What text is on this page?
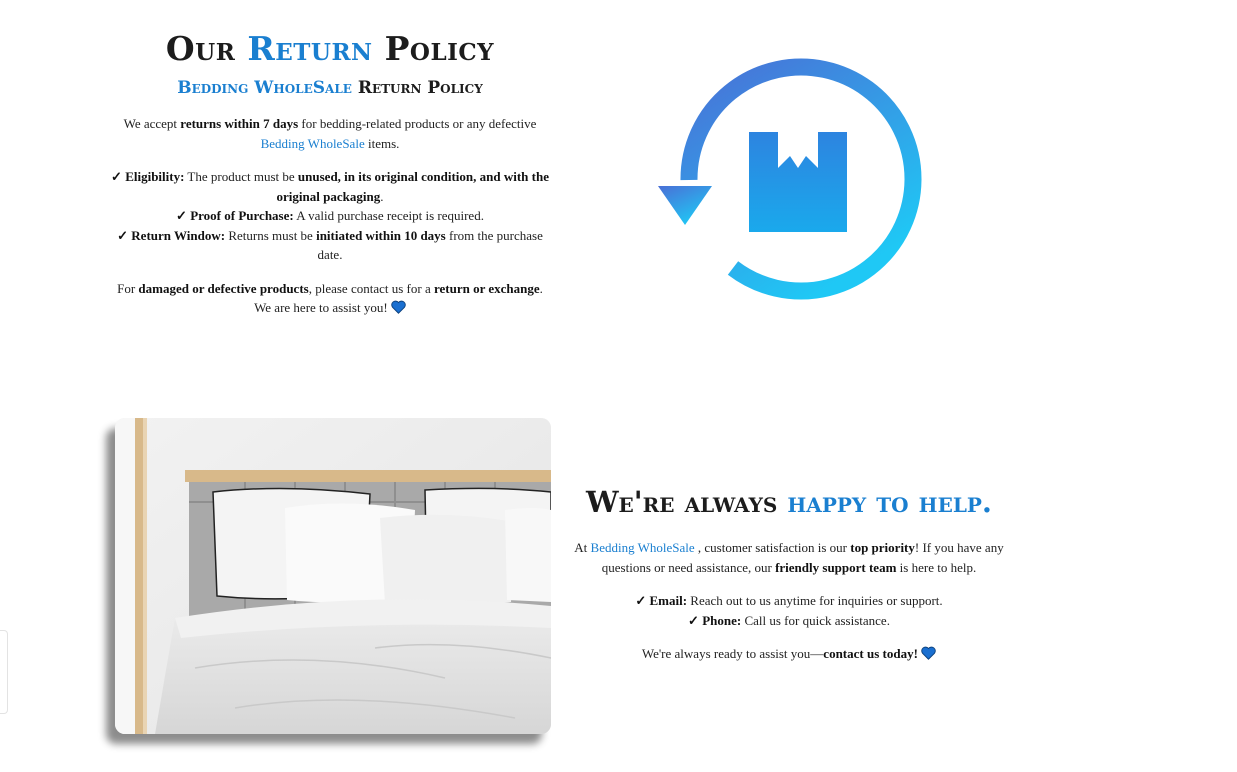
Our Return Policy
Bedding WholeSale Return Policy

We accept returns within 7 days for bedding-related products or any defective Bedding WholeSale items.

✓ Eligibility: The product must be unused, in its original condition, and with the original packaging.
✓ Proof of Purchase: A valid purchase receipt is required.
✓ Return Window: Returns must be initiated within 10 days from the purchase date.

For damaged or defective products, please contact us for a return or exchange. We are here to assist you!

We're always happy to help.

At Bedding WholeSale , customer satisfaction is our top priority! If you have any questions or need assistance, our friendly support team is here to help.

✓ Email: Reach out to us anytime for inquiries or support.
✓ Phone: Call us for quick assistance.

We're always ready to assist you—contact us today!
